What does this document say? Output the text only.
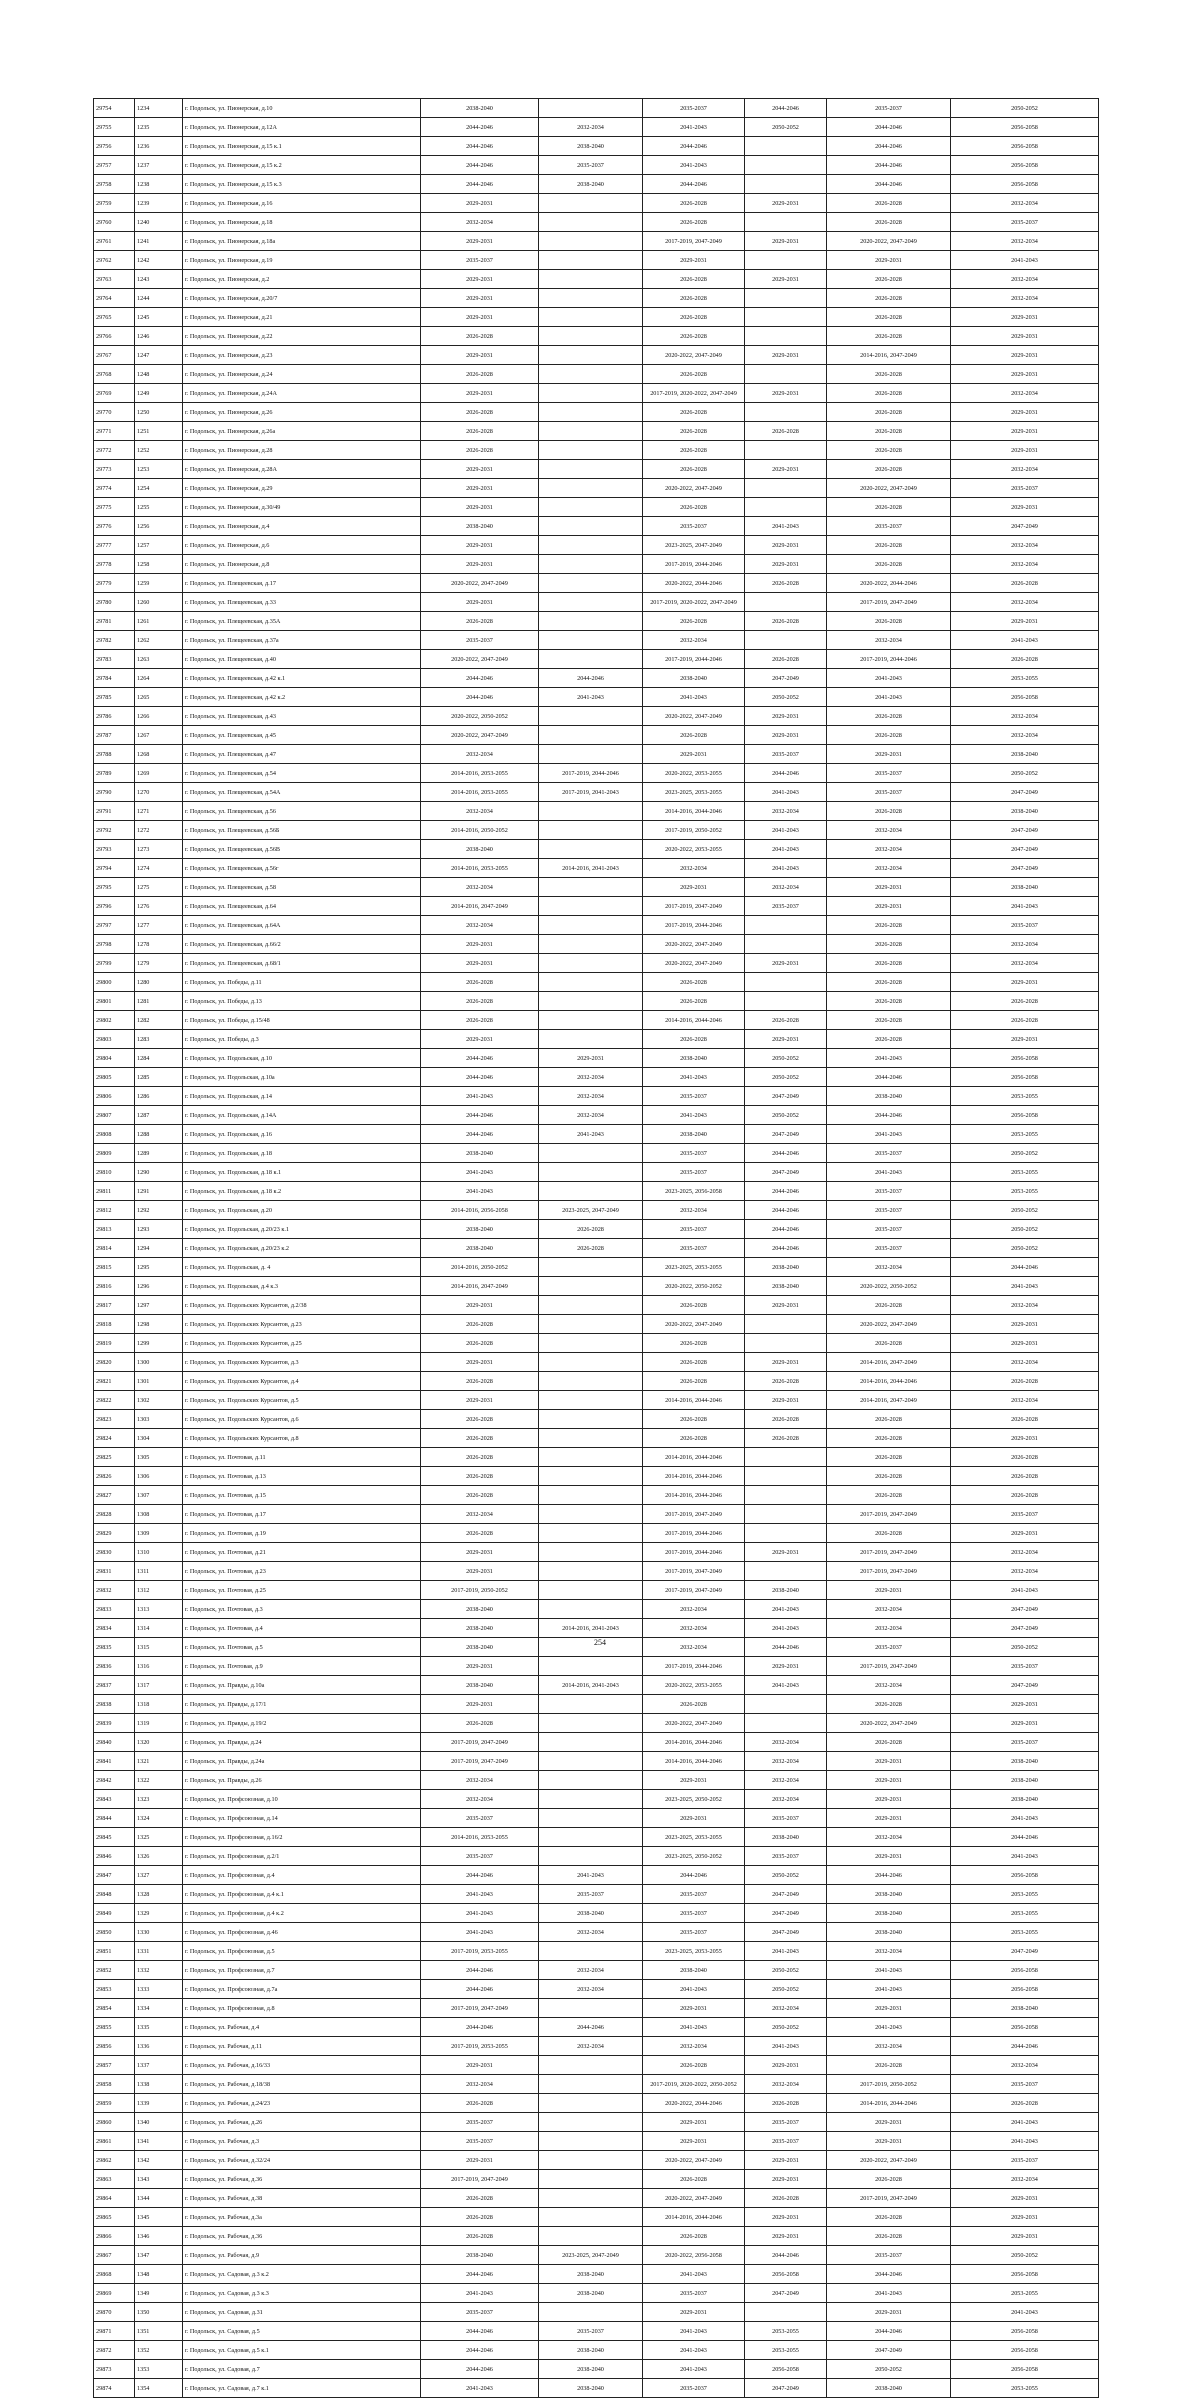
29754	1234	г. Подольск, ул. Пионерская, д.10	2038-2040		2035-2037	2044-2046	2035-2037	2050-2052
29755	1235	г. Подольск, ул. Пионерская, д.12А	2044-2046	2032-2034	2041-2043	2050-2052	2044-2046	2056-2058
29756	1236	г. Подольск, ул. Пионерская, д.15 к.1	2044-2046	2038-2040	2044-2046		2044-2046	2056-2058
29757	1237	г. Подольск, ул. Пионерская, д.15 к.2	2044-2046	2035-2037	2041-2043		2044-2046	2056-2058
29758	1238	г. Подольск, ул. Пионерская, д.15 к.3	2044-2046	2038-2040	2044-2046		2044-2046	2056-2058
29759	1239	г. Подольск, ул. Пионерская, д.16	2029-2031		2026-2028	2029-2031	2026-2028	2032-2034
29760	1240	г. Подольск, ул. Пионерская, д.18	2032-2034		2026-2028		2026-2028	2035-2037
29761	1241	г. Подольск, ул. Пионерская, д.18а	2029-2031		2017-2019, 2047-2049	2029-2031	2020-2022, 2047-2049	2032-2034
29762	1242	г. Подольск, ул. Пионерская, д.19	2035-2037		2029-2031		2029-2031	2041-2043
29763	1243	г. Подольск, ул. Пионерская, д.2	2029-2031		2026-2028	2029-2031	2026-2028	2032-2034
29764	1244	г. Подольск, ул. Пионерская, д.20/7	2029-2031		2026-2028		2026-2028	2032-2034
29765	1245	г. Подольск, ул. Пионерская, д.21	2029-2031		2026-2028		2026-2028	2029-2031
29766	1246	г. Подольск, ул. Пионерская, д.22	2026-2028		2026-2028		2026-2028	2029-2031
29767	1247	г. Подольск, ул. Пионерская, д.23	2029-2031		2020-2022, 2047-2049	2029-2031	2014-2016, 2047-2049	2029-2031
29768	1248	г. Подольск, ул. Пионерская, д.24	2026-2028		2026-2028		2026-2028	2029-2031
29769	1249	г. Подольск, ул. Пионерская, д.24А	2029-2031		2017-2019, 2020-2022, 2047-2049	2029-2031	2026-2028	2032-2034
29770	1250	г. Подольск, ул. Пионерская, д.26	2026-2028		2026-2028		2026-2028	2029-2031
29771	1251	г. Подольск, ул. Пионерская, д.26а	2026-2028		2026-2028	2026-2028	2026-2028	2029-2031
29772	1252	г. Подольск, ул. Пионерская, д.28	2026-2028		2026-2028		2026-2028	2029-2031
29773	1253	г. Подольск, ул. Пионерская, д.28А	2029-2031		2026-2028	2029-2031	2026-2028	2032-2034
29774	1254	г. Подольск, ул. Пионерская, д.29	2029-2031		2020-2022, 2047-2049		2020-2022, 2047-2049	2035-2037
29775	1255	г. Подольск, ул. Пионерская, д.30/49	2029-2031		2026-2028		2026-2028	2029-2031
29776	1256	г. Подольск, ул. Пионерская, д.4	2038-2040		2035-2037	2041-2043	2035-2037	2047-2049
29777	1257	г. Подольск, ул. Пионерская, д.6	2029-2031		2023-2025, 2047-2049	2029-2031	2026-2028	2032-2034
29778	1258	г. Подольск, ул. Пионерская, д.8	2029-2031		2017-2019, 2044-2046	2029-2031	2026-2028	2032-2034
29779	1259	г. Подольск, ул. Плещеевская, д.17	2020-2022, 2047-2049		2020-2022, 2044-2046	2026-2028	2020-2022, 2044-2046	2026-2028
29780	1260	г. Подольск, ул. Плещеевская, д.33	2029-2031		2017-2019, 2020-2022, 2047-2049		2017-2019, 2047-2049	2032-2034
29781	1261	г. Подольск, ул. Плещеевская, д.35А	2026-2028		2026-2028	2026-2028	2026-2028	2029-2031
29782	1262	г. Подольск, ул. Плещеевская, д.37а	2035-2037		2032-2034		2032-2034	2041-2043
29783	1263	г. Подольск, ул. Плещеевская, д.40	2020-2022, 2047-2049		2017-2019, 2044-2046	2026-2028	2017-2019, 2044-2046	2026-2028
29784	1264	г. Подольск, ул. Плещеевская, д.42 к.1	2044-2046	2044-2046	2038-2040	2047-2049	2041-2043	2053-2055
29785	1265	г. Подольск, ул. Плещеевская, д.42 к.2	2044-2046	2041-2043	2041-2043	2050-2052	2041-2043	2056-2058
29786	1266	г. Подольск, ул. Плещеевская, д.43	2020-2022, 2050-2052		2020-2022, 2047-2049	2029-2031	2026-2028	2032-2034
29787	1267	г. Подольск, ул. Плещеевская, д.45	2020-2022, 2047-2049		2026-2028	2029-2031	2026-2028	2032-2034
29788	1268	г. Подольск, ул. Плещеевская, д.47	2032-2034		2029-2031	2035-2037	2029-2031	2038-2040
29789	1269	г. Подольск, ул. Плещеевская, д.54	2014-2016, 2053-2055	2017-2019, 2044-2046	2020-2022, 2053-2055	2044-2046	2035-2037	2050-2052
29790	1270	г. Подольск, ул. Плещеевская, д.54А	2014-2016, 2053-2055	2017-2019, 2041-2043	2023-2025, 2053-2055	2041-2043	2035-2037	2047-2049
29791	1271	г. Подольск, ул. Плещеевская, д.56	2032-2034		2014-2016, 2044-2046	2032-2034	2026-2028	2038-2040
29792	1272	г. Подольск, ул. Плещеевская, д.56Б	2014-2016, 2050-2052		2017-2019, 2050-2052	2041-2043	2032-2034	2047-2049
29793	1273	г. Подольск, ул. Плещеевская, д.56В	2038-2040		2020-2022, 2053-2055	2041-2043	2032-2034	2047-2049
29794	1274	г. Подольск, ул. Плещеевская, д.56г	2014-2016, 2053-2055	2014-2016, 2041-2043	2032-2034	2041-2043	2032-2034	2047-2049
29795	1275	г. Подольск, ул. Плещеевская, д.58	2032-2034		2029-2031	2032-2034	2029-2031	2038-2040
29796	1276	г. Подольск, ул. Плещеевская, д.64	2014-2016, 2047-2049		2017-2019, 2047-2049	2035-2037	2029-2031	2041-2043
29797	1277	г. Подольск, ул. Плещеевская, д.64А	2032-2034		2017-2019, 2044-2046		2026-2028	2035-2037
29798	1278	г. Подольск, ул. Плещеевская, д.66/2	2029-2031		2020-2022, 2047-2049		2026-2028	2032-2034
29799	1279	г. Подольск, ул. Плещеевская, д.68/1	2029-2031		2020-2022, 2047-2049	2029-2031	2026-2028	2032-2034
29800	1280	г. Подольск, ул. Победы, д.11	2026-2028		2026-2028		2026-2028	2029-2031
29801	1281	г. Подольск, ул. Победы, д.13	2026-2028		2026-2028		2026-2028	2026-2028
29802	1282	г. Подольск, ул. Победы, д.15/48	2026-2028		2014-2016, 2044-2046	2026-2028	2026-2028	2026-2028
29803	1283	г. Подольск, ул. Победы, д.3	2029-2031		2026-2028	2029-2031	2026-2028	2029-2031
29804	1284	г. Подольск, ул. Подольская, д.10	2044-2046	2029-2031	2038-2040	2050-2052	2041-2043	2056-2058
29805	1285	г. Подольск, ул. Подольская, д.10а	2044-2046	2032-2034	2041-2043	2050-2052	2044-2046	2056-2058
29806	1286	г. Подольск, ул. Подольская, д.14	2041-2043	2032-2034	2035-2037	2047-2049	2038-2040	2053-2055
29807	1287	г. Подольск, ул. Подольская, д.14А	2044-2046	2032-2034	2041-2043	2050-2052	2044-2046	2056-2058
29808	1288	г. Подольск, ул. Подольская, д.16	2044-2046	2041-2043	2038-2040	2047-2049	2041-2043	2053-2055
29809	1289	г. Подольск, ул. Подольская, д.18	2038-2040		2035-2037	2044-2046	2035-2037	2050-2052
29810	1290	г. Подольск, ул. Подольская, д.18 к.1	2041-2043		2035-2037	2047-2049	2041-2043	2053-2055
29811	1291	г. Подольск, ул. Подольская, д.18 к.2	2041-2043		2023-2025, 2056-2058	2044-2046	2035-2037	2053-2055
29812	1292	г. Подольск, ул. Подольская, д.20	2014-2016, 2056-2058	2023-2025, 2047-2049	2032-2034	2044-2046	2035-2037	2050-2052
29813	1293	г. Подольск, ул. Подольская, д.20/23 к.1	2038-2040	2026-2028	2035-2037	2044-2046	2035-2037	2050-2052
29814	1294	г. Подольск, ул. Подольская, д.20/23 к.2	2038-2040	2026-2028	2035-2037	2044-2046	2035-2037	2050-2052
29815	1295	г. Подольск, ул. Подольская, д. 4	2014-2016, 2050-2052		2023-2025, 2053-2055	2038-2040	2032-2034	2044-2046
29816	1296	г. Подольск, ул. Подольская, д.4 к.3	2014-2016, 2047-2049		2020-2022, 2050-2052	2038-2040	2020-2022, 2050-2052	2041-2043
29817	1297	г. Подольск, ул. Подольских Курсантов, д.2/38	2029-2031		2026-2028	2029-2031	2026-2028	2032-2034
29818	1298	г. Подольск, ул. Подольских Курсантов, д.23	2026-2028		2020-2022, 2047-2049		2020-2022, 2047-2049	2029-2031
29819	1299	г. Подольск, ул. Подольских Курсантов, д.25	2026-2028		2026-2028		2026-2028	2029-2031
29820	1300	г. Подольск, ул. Подольских Курсантов, д.3	2029-2031		2026-2028	2029-2031	2014-2016, 2047-2049	2032-2034
29821	1301	г. Подольск, ул. Подольских Курсантов, д.4	2026-2028		2026-2028	2026-2028	2014-2016, 2044-2046	2026-2028
29822	1302	г. Подольск, ул. Подольских Курсантов, д.5	2029-2031		2014-2016, 2044-2046	2029-2031	2014-2016, 2047-2049	2032-2034
29823	1303	г. Подольск, ул. Подольских Курсантов, д.6	2026-2028		2026-2028	2026-2028	2026-2028	2026-2028
29824	1304	г. Подольск, ул. Подольских Курсантов, д.8	2026-2028		2026-2028	2026-2028	2026-2028	2029-2031
29825	1305	г. Подольск, ул. Почтовая, д.11	2026-2028		2014-2016, 2044-2046		2026-2028	2026-2028
29826	1306	г. Подольск, ул. Почтовая, д.13	2026-2028		2014-2016, 2044-2046		2026-2028	2026-2028
29827	1307	г. Подольск, ул. Почтовая, д.15	2026-2028		2014-2016, 2044-2046		2026-2028	2026-2028
29828	1308	г. Подольск, ул. Почтовая, д.17	2032-2034		2017-2019, 2047-2049		2017-2019, 2047-2049	2035-2037
29829	1309	г. Подольск, ул. Почтовая, д.19	2026-2028		2017-2019, 2044-2046		2026-2028	2029-2031
29830	1310	г. Подольск, ул. Почтовая, д.21	2029-2031		2017-2019, 2044-2046	2029-2031	2017-2019, 2047-2049	2032-2034
29831	1311	г. Подольск, ул. Почтовая, д.23	2029-2031		2017-2019, 2047-2049		2017-2019, 2047-2049	2032-2034
29832	1312	г. Подольск, ул. Почтовая, д.25	2017-2019, 2050-2052		2017-2019, 2047-2049	2038-2040	2029-2031	2041-2043
29833	1313	г. Подольск, ул. Почтовая, д.3	2038-2040		2032-2034	2041-2043	2032-2034	2047-2049
29834	1314	г. Подольск, ул. Почтовая, д.4	2038-2040	2014-2016, 2041-2043	2032-2034	2041-2043	2032-2034	2047-2049
29835	1315	г. Подольск, ул. Почтовая, д.5	2038-2040		2032-2034	2044-2046	2035-2037	2050-2052
29836	1316	г. Подольск, ул. Почтовая, д.9	2029-2031		2017-2019, 2044-2046	2029-2031	2017-2019, 2047-2049	2035-2037
29837	1317	г. Подольск, ул. Правды, д.10а	2038-2040	2014-2016, 2041-2043	2020-2022, 2053-2055	2041-2043	2032-2034	2047-2049
29838	1318	г. Подольск, ул. Правды, д.17/1	2029-2031		2026-2028		2026-2028	2029-2031
29839	1319	г. Подольск, ул. Правды, д.19/2	2026-2028		2020-2022, 2047-2049		2020-2022, 2047-2049	2029-2031
29840	1320	г. Подольск, ул. Правды, д.24	2017-2019, 2047-2049		2014-2016, 2044-2046	2032-2034	2026-2028	2035-2037
29841	1321	г. Подольск, ул. Правды, д.24а	2017-2019, 2047-2049		2014-2016, 2044-2046	2032-2034	2029-2031	2038-2040
29842	1322	г. Подольск, ул. Правды, д.26	2032-2034		2029-2031	2032-2034	2029-2031	2038-2040
29843	1323	г. Подольск, ул. Профсоюзная, д.10	2032-2034		2023-2025, 2050-2052	2032-2034	2029-2031	2038-2040
29844	1324	г. Подольск, ул. Профсоюзная, д.14	2035-2037		2029-2031	2035-2037	2029-2031	2041-2043
29845	1325	г. Подольск, ул. Профсоюзная, д.16/2	2014-2016, 2053-2055		2023-2025, 2053-2055	2038-2040	2032-2034	2044-2046
29846	1326	г. Подольск, ул. Профсоюзная, д.2/1	2035-2037		2023-2025, 2050-2052	2035-2037	2029-2031	2041-2043
29847	1327	г. Подольск, ул. Профсоюзная, д.4	2044-2046	2041-2043	2044-2046	2050-2052	2044-2046	2056-2058
29848	1328	г. Подольск, ул. Профсоюзная, д.4 к.1	2041-2043	2035-2037	2035-2037	2047-2049	2038-2040	2053-2055
29849	1329	г. Подольск, ул. Профсоюзная, д.4 к.2	2041-2043	2038-2040	2035-2037	2047-2049	2038-2040	2053-2055
29850	1330	г. Подольск, ул. Профсоюзная, д.46	2041-2043	2032-2034	2035-2037	2047-2049	2038-2040	2053-2055
29851	1331	г. Подольск, ул. Профсоюзная, д.5	2017-2019, 2053-2055		2023-2025, 2053-2055	2041-2043	2032-2034	2047-2049
29852	1332	г. Подольск, ул. Профсоюзная, д.7	2044-2046	2032-2034	2038-2040	2050-2052	2041-2043	2056-2058
29853	1333	г. Подольск, ул. Профсоюзная, д.7а	2044-2046	2032-2034	2041-2043	2050-2052	2041-2043	2056-2058
29854	1334	г. Подольск, ул. Профсоюзная, д.8	2017-2019, 2047-2049		2029-2031	2032-2034	2029-2031	2038-2040
29855	1335	г. Подольск, ул. Рабочая, д.4	2044-2046	2044-2046	2041-2043	2050-2052	2041-2043	2056-2058
29856	1336	г. Подольск, ул. Рабочая, д.11	2017-2019, 2053-2055	2032-2034	2032-2034	2041-2043	2032-2034	2044-2046
29857	1337	г. Подольск, ул. Рабочая, д.16/33	2029-2031		2026-2028	2029-2031	2026-2028	2032-2034
29858	1338	г. Подольск, ул. Рабочая, д.18/38	2032-2034		2017-2019, 2020-2022, 2050-2052	2032-2034	2017-2019, 2050-2052	2035-2037
29859	1339	г. Подольск, ул. Рабочая, д.24/23	2026-2028		2020-2022, 2044-2046	2026-2028	2014-2016, 2044-2046	2026-2028
29860	1340	г. Подольск, ул. Рабочая, д.26	2035-2037		2029-2031	2035-2037	2029-2031	2041-2043
29861	1341	г. Подольск, ул. Рабочая, д.3	2035-2037		2029-2031	2035-2037	2029-2031	2041-2043
29862	1342	г. Подольск, ул. Рабочая, д.32/24	2029-2031		2020-2022, 2047-2049	2029-2031	2020-2022, 2047-2049	2035-2037
29863	1343	г. Подольск, ул. Рабочая, д.36	2017-2019, 2047-2049		2026-2028	2029-2031	2026-2028	2032-2034
29864	1344	г. Подольск, ул. Рабочая, д.38	2026-2028		2020-2022, 2047-2049	2026-2028	2017-2019, 2047-2049	2029-2031
29865	1345	г. Подольск, ул. Рабочая, д.3а	2026-2028		2014-2016, 2044-2046	2029-2031	2026-2028	2029-2031
29866	1346	г. Подольск, ул. Рабочая, д.36	2026-2028		2026-2028	2029-2031	2026-2028	2029-2031
29867	1347	г. Подольск, ул. Рабочая, д.9	2038-2040	2023-2025, 2047-2049	2020-2022, 2056-2058	2044-2046	2035-2037	2050-2052
29868	1348	г. Подольск, ул. Садовая, д.3 к.2	2044-2046	2038-2040	2041-2043	2056-2058	2044-2046	2056-2058
29869	1349	г. Подольск, ул. Садовая, д.3 к.3	2041-2043	2038-2040	2035-2037	2047-2049	2041-2043	2053-2055
29870	1350	г. Подольск, ул. Садовая, д.31	2035-2037		2029-2031		2029-2031	2041-2043
29871	1351	г. Подольск, ул. Садовая, д.5	2044-2046	2035-2037	2041-2043	2053-2055	2044-2046	2056-2058
29872	1352	г. Подольск, ул. Садовая, д.5 к.1	2044-2046	2038-2040	2041-2043	2053-2055	2047-2049	2056-2058
29873	1353	г. Подольск, ул. Садовая, д.7	2044-2046	2038-2040	2041-2043	2056-2058	2050-2052	2056-2058
29874	1354	г. Подольск, ул. Садовая, д.7 к.1	2041-2043	2038-2040	2035-2037	2047-2049	2038-2040	2053-2055
254
